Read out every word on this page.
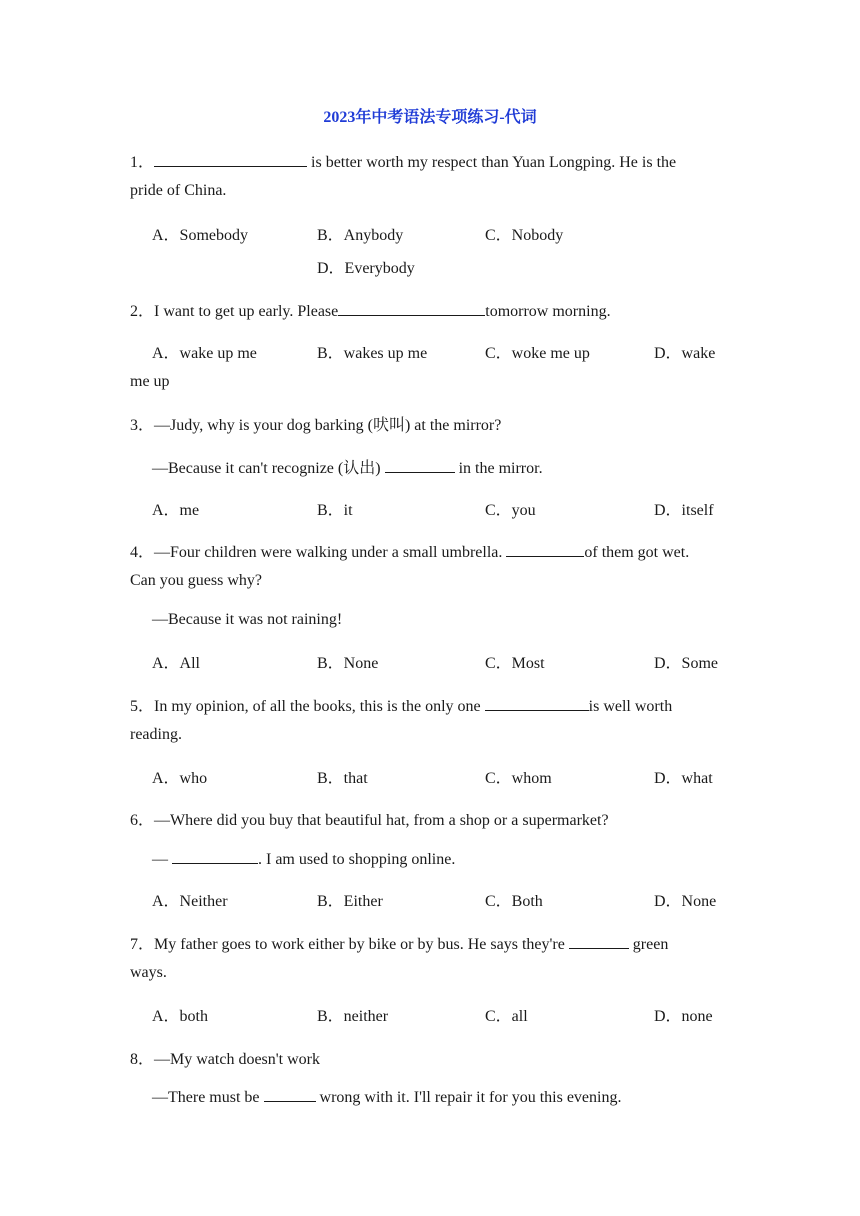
2023年中考语法专项练习-代词
1．	is better worth my respect than Yuan Longping. He is the
pride of China.
A．Somebody	B．Anybody	C．Nobody
D．Everybody
2．I want to get up early. Please	tomorrow morning.
A．wake up me	B．wakes up me	C．woke me up	D．wake
me up
3．—Judy, why is your dog barking (吠叫) at the mirror?
—Because it can't recognize (认出)	in the mirror.
A．me	B．it	C．you	D．itself
4．—Four children were walking under a small umbrella.	of them got wet.
Can you guess why?
—Because it was not raining!
A．All	B．None	C．Most	D．Some
5．In my opinion, of all the books, this is the only one	is well worth
reading.
A．who	B．that	C．whom	D．what
6．—Where did you buy that beautiful hat, from a shop or a supermarket?
—	. I am used to shopping online.
A．Neither	B．Either	C．Both	D．None
7．My father goes to work either by bike or by bus. He says they're	green
ways.
A．both	B．neither	C．all	D．none
8．—My watch doesn't work
—There must be	wrong with it. I'll repair it for you this evening.
